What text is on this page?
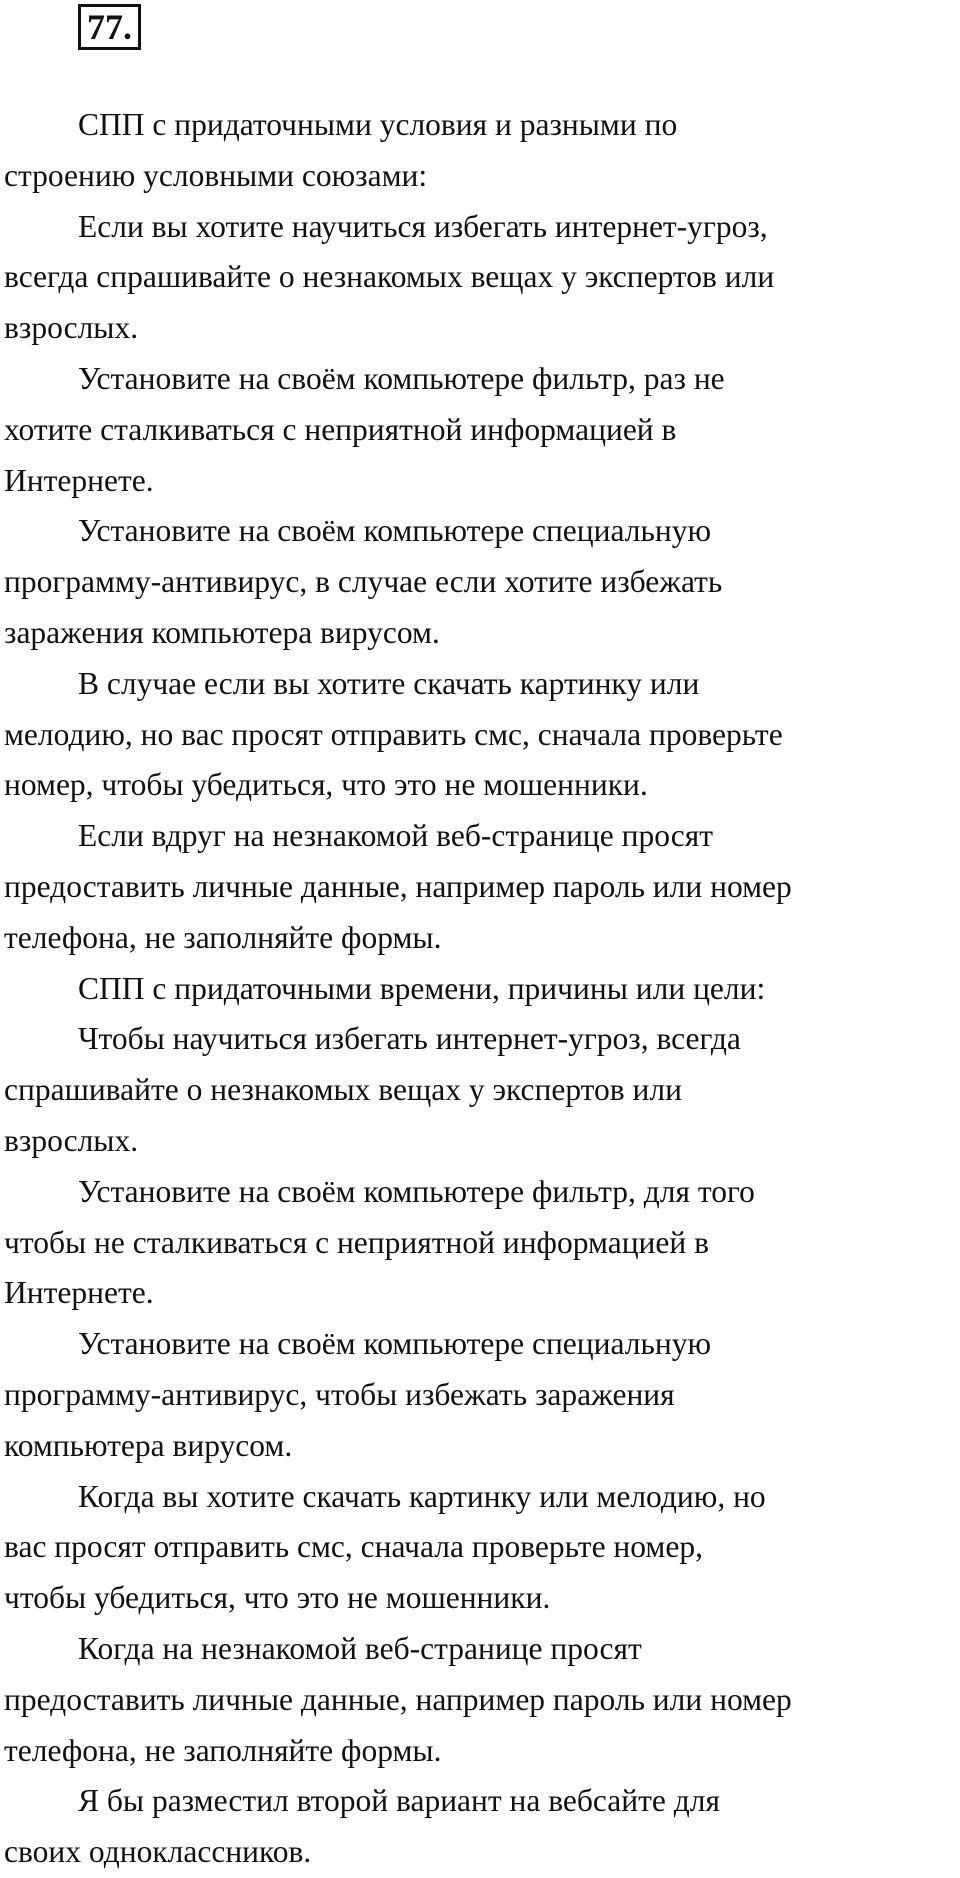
77.
СПП с придаточными условия и разными по
строению условными союзами:
Если вы хотите научиться избегать интернет-угроз,
всегда спрашивайте о незнакомых вещах у экспертов или
взрослых.
Установите на своём компьютере фильтр, раз не
хотите сталкиваться с неприятной информацией в
Интернете.
Установите на своём компьютере специальную
программу-антивирус, в случае если хотите избежать
заражения компьютера вирусом.
В случае если вы хотите скачать картинку или
мелодию, но вас просят отправить смс, сначала проверьте
номер, чтобы убедиться, что это не мошенники.
Если вдруг на незнакомой веб-странице просят
предоставить личные данные, например пароль или номер
телефона, не заполняйте формы.
СПП с придаточными времени, причины или цели:
Чтобы научиться избегать интернет-угроз, всегда
спрашивайте о незнакомых вещах у экспертов или
взрослых.
Установите на своём компьютере фильтр, для того
чтобы не сталкиваться с неприятной информацией в
Интернете.
Установите на своём компьютере специальную
программу-антивирус, чтобы избежать заражения
компьютера вирусом.
Когда вы хотите скачать картинку или мелодию, но
вас просят отправить смс, сначала проверьте номер,
чтобы убедиться, что это не мошенники.
Когда на незнакомой веб-странице просят
предоставить личные данные, например пароль или номер
телефона, не заполняйте формы.
Я бы разместил второй вариант на вебсайте для
своих одноклассников.
